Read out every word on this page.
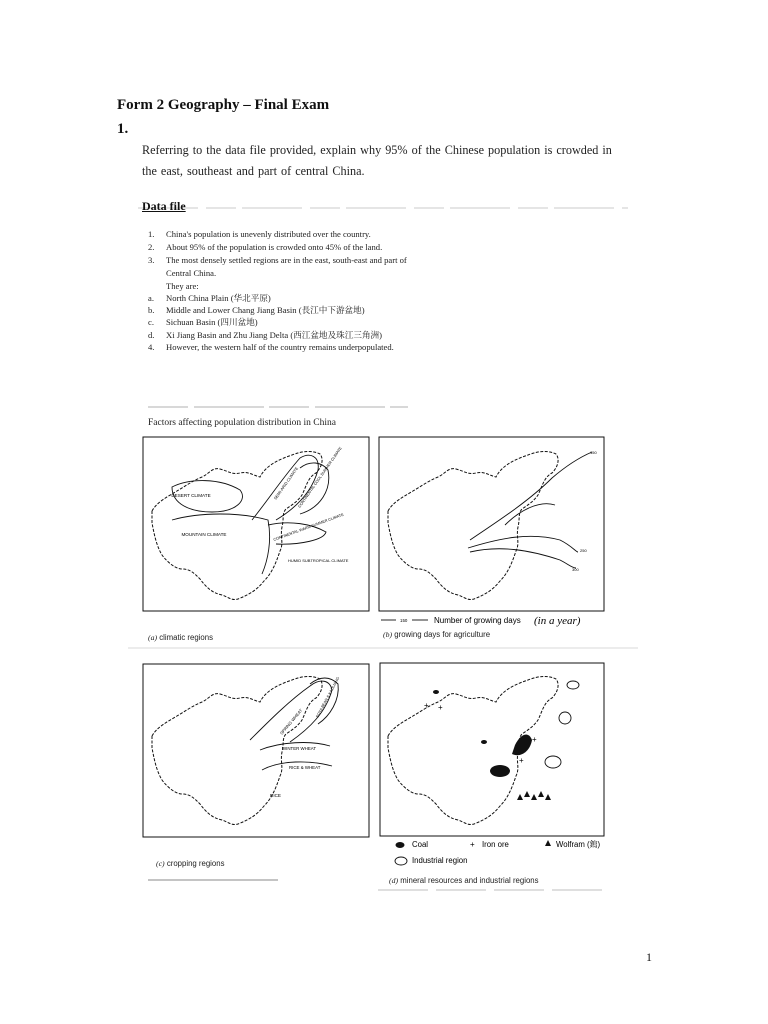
Form 2 Geography – Final Exam
1.
Referring to the data file provided, explain why 95% of the Chinese population is crowded in the east, southeast and part of central China.
Data file
1. China's population is unevenly distributed over the country.
2. About 95% of the population is crowded onto 45% of the land.
3. The most densely settled regions are in the east, south-east and part of Central China.
They are:
a. North China Plain (华北平原)
b. Middle and Lower Chang Jiang Basin (長江中下游盆地)
c. Sichuan Basin (四川盆地)
d. Xi Jiang Basin and Zhu Jiang Delta (西江盆地及珠江三角洲)
4. However, the western half of the country remains underpopulated.
Factors affecting population distribution in China
DESERT CLIMATE
MOUNTAIN CLIMATE
SEMI-ARID CLIMATE
CONTINENTAL COOL SUMMER CLIMATE
CONTINENTAL WARM SUMMER CLIMATE
HUMID SUBTROPICAL CLIMATE
250
300
150
SPRING WHEAT
SOYA BEAN & KAOLIANG
WINTER WHEAT
RICE & WHEAT
RICE
+ +
+
+
150	Number of growing days (in a year)
Coal	+ Iron ore	Wolfram (鎢)
Industrial region
(a) climatic regions	(b) growing days for agriculture
(c) cropping regions
(d) mineral resources and industrial regions
1
